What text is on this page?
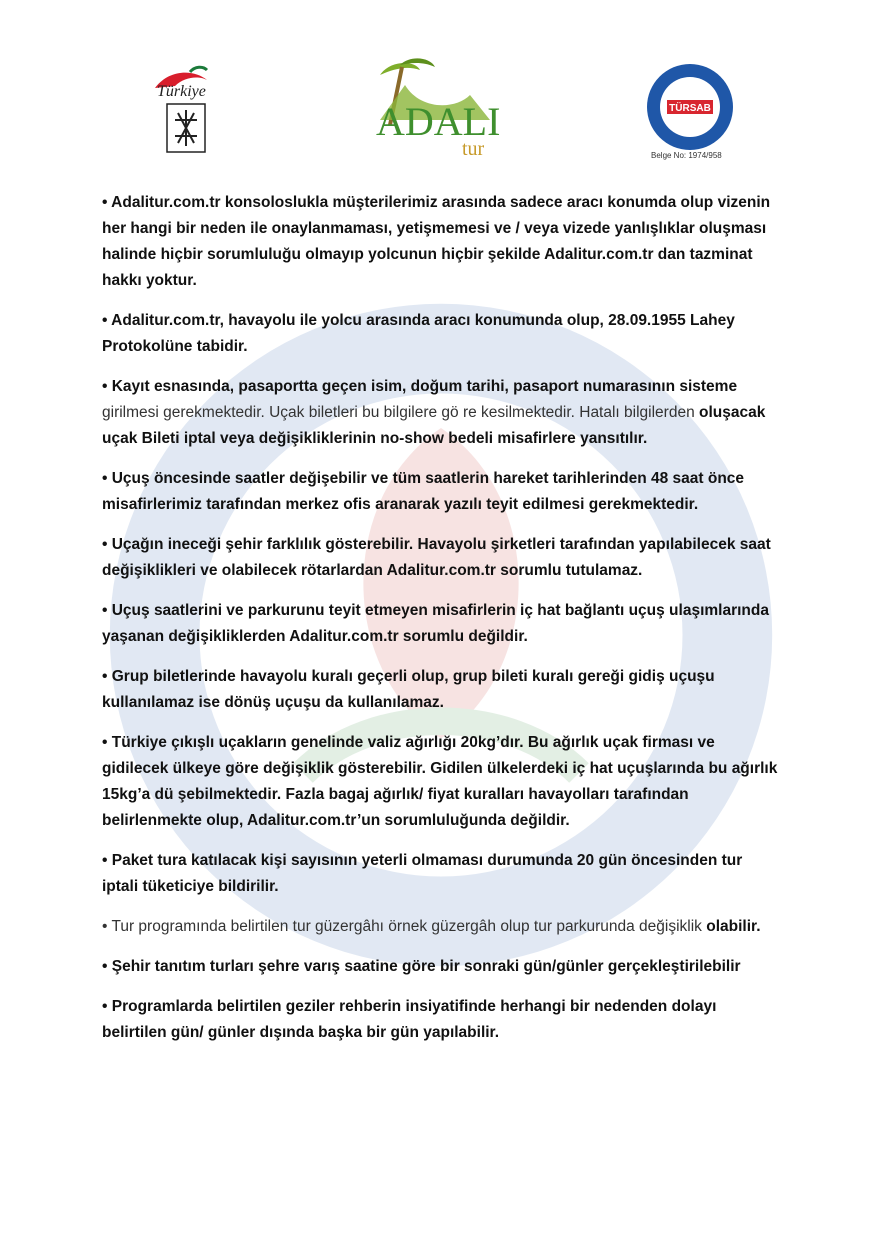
Türkiye
ADALI
tur
TÜRSAB
Belge No: 1974/958

• Adalitur.com.tr konsoloslukla müşterilerimiz arasında sadece aracı konumda olup vizenin her hangi bir neden ile onaylanmaması, yetişmemesi ve / veya vizede yanlışlıklar oluşması halinde hiçbir sorumluluğu olmayıp yolcunun hiçbir şekilde Adalitur.com.tr dan tazminat hakkı yoktur.

• Adalitur.com.tr, havayolu ile yolcu arasında aracı konumunda olup, 28.09.1955 Lahey Protokolüne tabidir.

• Kayıt esnasında, pasaportta geçen isim, doğum tarihi, pasaport numarasının sisteme girilmesi gerekmektedir. Uçak biletleri bu bilgilere gö re kesilmektedir. Hatalı bilgilerden oluşacak uçak Bileti iptal veya değişikliklerinin no-show bedeli misafirlere yansıtılır.

• Uçuş öncesinde saatler değişebilir ve tüm saatlerin hareket tarihlerinden 48 saat önce misafirlerimiz tarafından merkez ofis aranarak yazılı teyit edilmesi gerekmektedir.

• Uçağın ineceği şehir farklılık gösterebilir. Havayolu şirketleri tarafından yapılabilecek saat değişiklikleri ve olabilecek rötarlardan Adalitur.com.tr sorumlu tutulamaz.

• Uçuş saatlerini ve parkurunu teyit etmeyen misafirlerin iç hat bağlantı uçuş ulaşımlarında yaşanan değişikliklerden Adalitur.com.tr sorumlu değildir.

• Grup biletlerinde havayolu kuralı geçerli olup, grup bileti kuralı gereği gidiş uçuşu kullanılamaz ise dönüş uçuşu da kullanılamaz.

• Türkiye çıkışlı uçakların genelinde valiz ağırlığı 20kg’dır. Bu ağırlık uçak firması ve gidilecek ülkeye göre değişiklik gösterebilir. Gidilen ülkelerdeki iç hat uçuşlarında bu ağırlık 15kg’a dü şebilmektedir. Fazla bagaj ağırlık/ fiyat kuralları havayolları tarafından belirlenmekte olup, Adalitur.com.tr’un sorumluluğunda değildir.

• Paket tura katılacak kişi sayısının yeterli olmaması durumunda 20 gün öncesinden tur iptali tüketiciye bildirilir.

• Tur programında belirtilen tur güzergâhı örnek güzergâh olup tur parkurunda değişiklik olabilir.

• Şehir tanıtım turları şehre varış saatine göre bir sonraki gün/günler gerçekleştirilebilir

• Programlarda belirtilen geziler rehberin insiyatifinde herhangi bir nedenden dolayı belirtilen gün/ günler dışında başka bir gün yapılabilir.
